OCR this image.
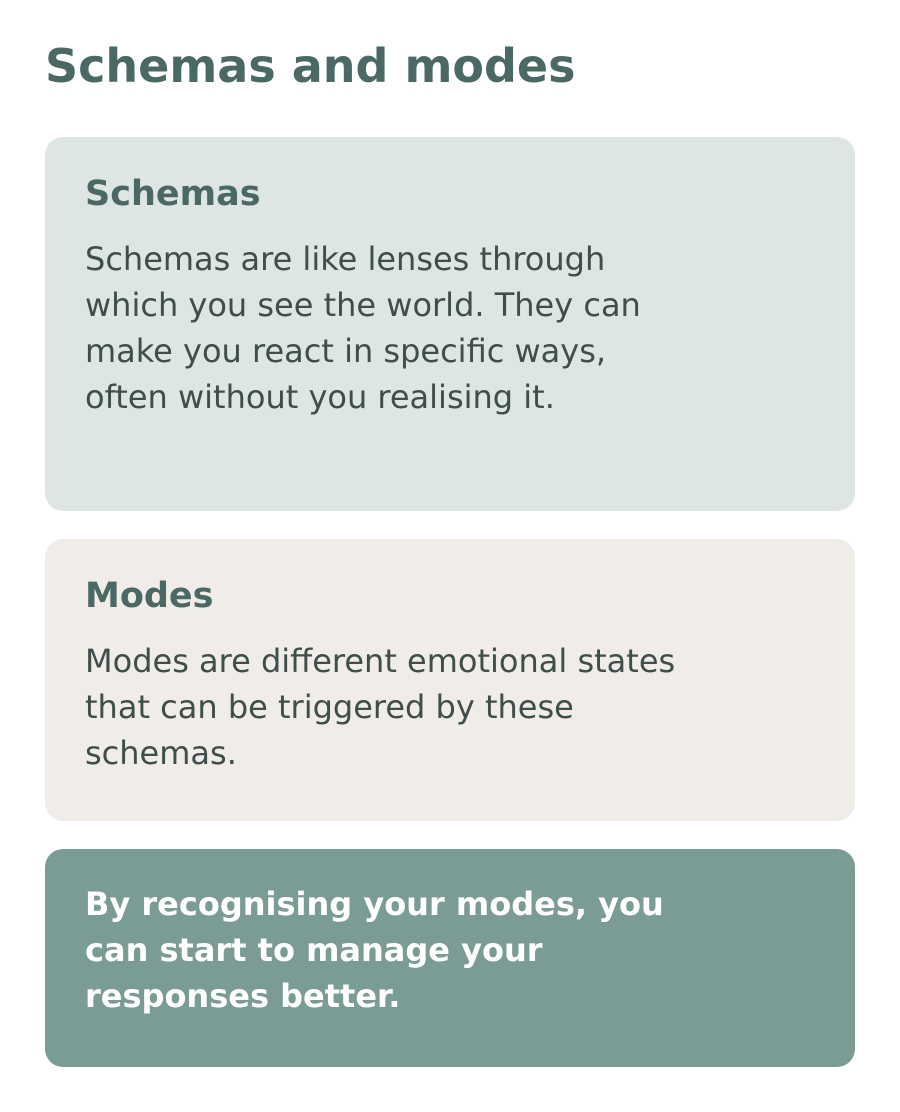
Schemas and modes
Schemas

Schemas are like lenses through which you see the world. They can make you react in specific ways, often without you realising it.

Modes

Modes are different emotional states that can be triggered by these schemas.

By recognising your modes, you can start to manage your responses better.
